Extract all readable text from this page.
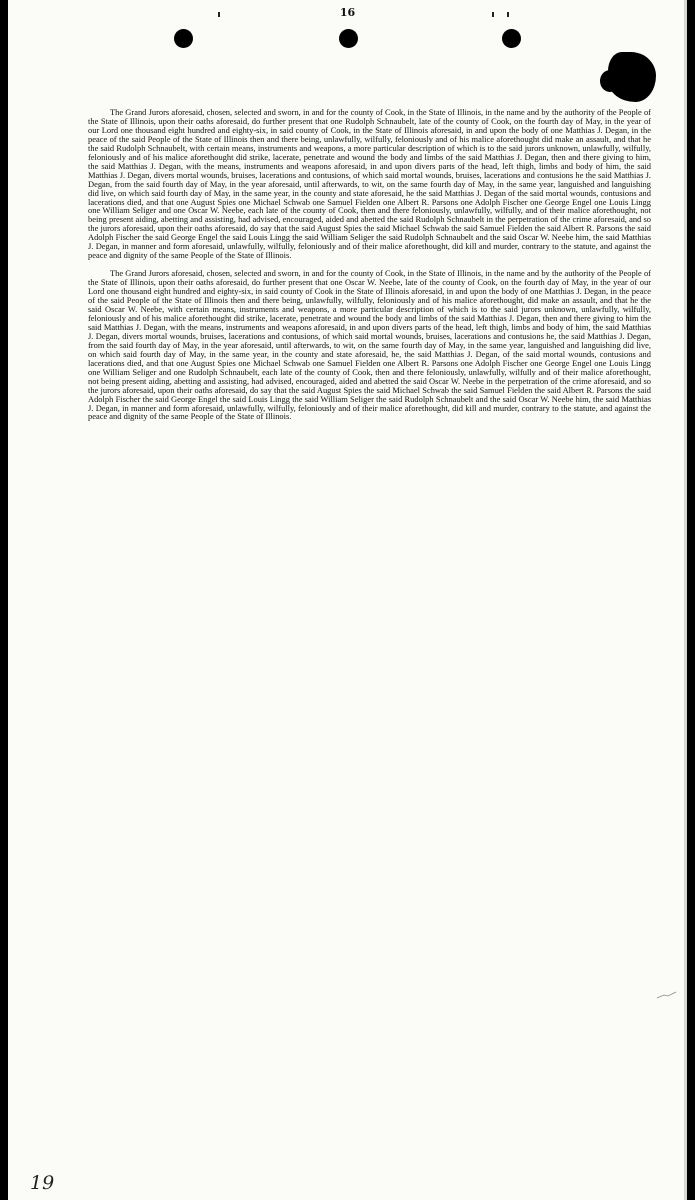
16

The Grand Jurors aforesaid, chosen, selected and sworn, in and for the county of Cook, in the State of Illinois, in the name and by the authority of the People of the State of Illinois, upon their oaths aforesaid, do further present that one Rudolph Schnaubelt, late of the county of Cook, on the fourth day of May, in the year of our Lord one thousand eight hundred and eighty-six, in said county of Cook, in the State of Illinois aforesaid, in and upon the body of one Matthias J. Degan, in the peace of the said People of the State of Illinois then and there being, unlawfully, wilfully, feloniously and of his malice aforethought did make an assault, and that he the said Rudolph Schnaubelt, with certain means, instruments and weapons, a more particular description of which is to the said jurors unknown, unlawfully, wilfully, feloniously and of his malice aforethought did strike, lacerate, penetrate and wound the body and limbs of the said Matthias J. Degan, then and there giving to him, the said Matthias J. Degan, with the means, instruments and weapons aforesaid, in and upon divers parts of the head, left thigh, limbs and body of him, the said Matthias J. Degan, divers mortal wounds, bruises, lacerations and contusions, of which said mortal wounds, bruises, lacerations and contusions he the said Matthias J. Degan, from the said fourth day of May, in the year aforesaid, until afterwards, to wit, on the same fourth day of May, in the same year, languished and languishing did live, on which said fourth day of May, in the same year, in the county and state aforesaid, he the said Matthias J. Degan of the said mortal wounds, contusions and lacerations died, and that one August Spies one Michael Schwab one Samuel Fielden one Albert R. Parsons one Adolph Fischer one George Engel one Louis Lingg one William Seliger and one Oscar W. Neebe, each late of the county of Cook, then and there feloniously, unlawfully, wilfully, and of their malice aforethought, not being present aiding, abetting and assisting, had advised, encouraged, aided and abetted the said Rudolph Schnaubelt in the perpetration of the crime aforesaid, and so the jurors aforesaid, upon their oaths aforesaid, do say that the said August Spies the said Michael Schwab the said Samuel Fielden the said Albert R. Parsons the said Adolph Fischer the said George Engel the said Louis Lingg the said William Seliger the said Rudolph Schnaubelt and the said Oscar W. Neebe him, the said Matthias J. Degan, in manner and form aforesaid, unlawfully, wilfully, feloniously and of their malice aforethought, did kill and murder, contrary to the statute, and against the peace and dignity of the same People of the State of Illinois.

The Grand Jurors aforesaid, chosen, selected and sworn, in and for the county of Cook, in the State of Illinois, in the name and by the authority of the People of the State of Illinois, upon their oaths aforesaid, do further present that one Oscar W. Neebe, late of the county of Cook, on the fourth day of May, in the year of our Lord one thousand eight hundred and eighty-six, in said county of Cook in the State of Illinois aforesaid, in and upon the body of one Matthias J. Degan, in the peace of the said People of the State of Illinois then and there being, unlawfully, wilfully, feloniously and of his malice aforethought, did make an assault, and that he the said Oscar W. Neebe, with certain means, instruments and weapons, a more particular description of which is to the said jurors unknown, unlawfully, wilfully, feloniously and of his malice aforethought did strike, lacerate, penetrate and wound the body and limbs of the said Matthias J. Degan, then and there giving to him the said Matthias J. Degan, with the means, instruments and weapons aforesaid, in and upon divers parts of the head, left thigh, limbs and body of him, the said Matthias J. Degan, divers mortal wounds, bruises, lacerations and contusions, of which said mortal wounds, bruises, lacerations and contusions he, the said Matthias J. Degan, from the said fourth day of May, in the year aforesaid, until afterwards, to wit, on the same fourth day of May, in the same year, languished and languishing did live, on which said fourth day of May, in the same year, in the county and state aforesaid, he, the said Matthias J. Degan, of the said mortal wounds, contusions and lacerations died, and that one August Spies one Michael Schwab one Samuel Fielden one Albert R. Parsons one Adolph Fischer one George Engel one Louis Lingg one William Seliger and one Rudolph Schnaubelt, each late of the county of Cook, then and there feloniously, unlawfully, wilfully and of their malice aforethought, not being present aiding, abetting and assisting, had advised, encouraged, aided and abetted the said Oscar W. Neebe in the perpetration of the crime aforesaid, and so the jurors aforesaid, upon their oaths aforesaid, do say that the said August Spies the said Michael Schwab the said Samuel Fielden the said Albert R. Parsons the said Adolph Fischer the said George Engel the said Louis Lingg the said William Seliger the said Rudolph Schnaubelt and the said Oscar W. Neebe him, the said Matthias J. Degan, in manner and form aforesaid, unlawfully, wilfully, feloniously and of their malice aforethought, did kill and murder, contrary to the statute, and against the peace and dignity of the same People of the State of Illinois.

19
